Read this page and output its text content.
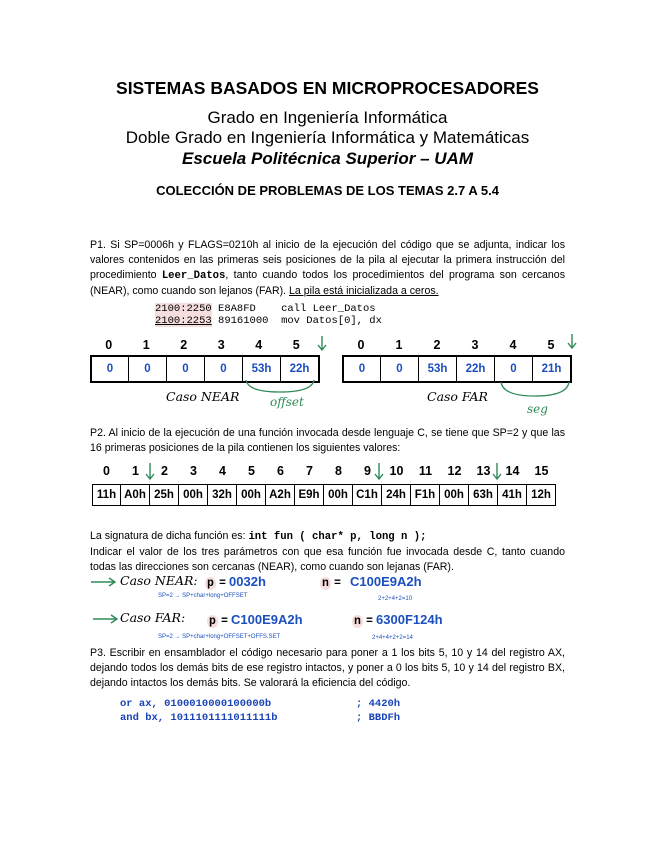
SISTEMAS BASADOS EN MICROPROCESADORES
Grado en Ingeniería Informática
Doble Grado en Ingeniería Informática y Matemáticas
Escuela Politécnica Superior – UAM
COLECCIÓN DE PROBLEMAS DE LOS TEMAS 2.7 A 5.4
P1. Si SP=0006h y FLAGS=0210h al inicio de la ejecución del código que se adjunta, indicar los valores contenidos en las primeras seis posiciones de la pila al ejecutar la primera instrucción del procedimiento Leer_Datos, tanto cuando todos los procedimientos del programa son cercanos (NEAR), como cuando son lejanos (FAR). La pila está inicializada a ceros.
2100:2250 E8A8FD call Leer_Datos
2100:2253 89161000 mov Datos[0], dx
0	1	2	3	4	5
0	0	0	0	53h	22h
Caso NEAR	offset
0	1	2	3	4	5
0	0	53h	22h	0	21h
Caso FAR
seg
P2. Al inicio de la ejecución de una función invocada desde lenguaje C, se tiene que SP=2 y que las 16 primeras posiciones de la pila contienen los siguientes valores:
0	1	2	3	4	5	6	7	8	9	10	11	12	13	14	15
11h A0h 25h 00h 32h 00h A2h E9h 00h C1h 24h F1h 00h 63h 41h 12h
La signatura de dicha función es: int fun ( char* p, long n );
Indicar el valor de los tres parámetros con que esa función fue invocada desde C, tanto cuando todas las direcciones son cercanas (NEAR), como cuando son lejanas (FAR).
Caso NEAR: p = 0032h	n = C100E9A2h
SP=2 → SP+char+long+OFFSET	2+2+4+2=10
Caso FAR: p = C100E9A2h	n = 6300F124h
SP=2 → SP+char+long+OFFSET+OFFS.SET	2+4+4+2+2=14
P3. Escribir en ensamblador el código necesario para poner a 1 los bits 5, 10 y 14 del registro AX, dejando todos los demás bits de ese registro intactos, y poner a 0 los bits 5, 10 y 14 del registro BX, dejando intactos los demás bits. Se valorará la eficiencia del código.
or ax, 0100010000100000b	; 4420h
and bx, 1011101111011111b	; BBDFh
